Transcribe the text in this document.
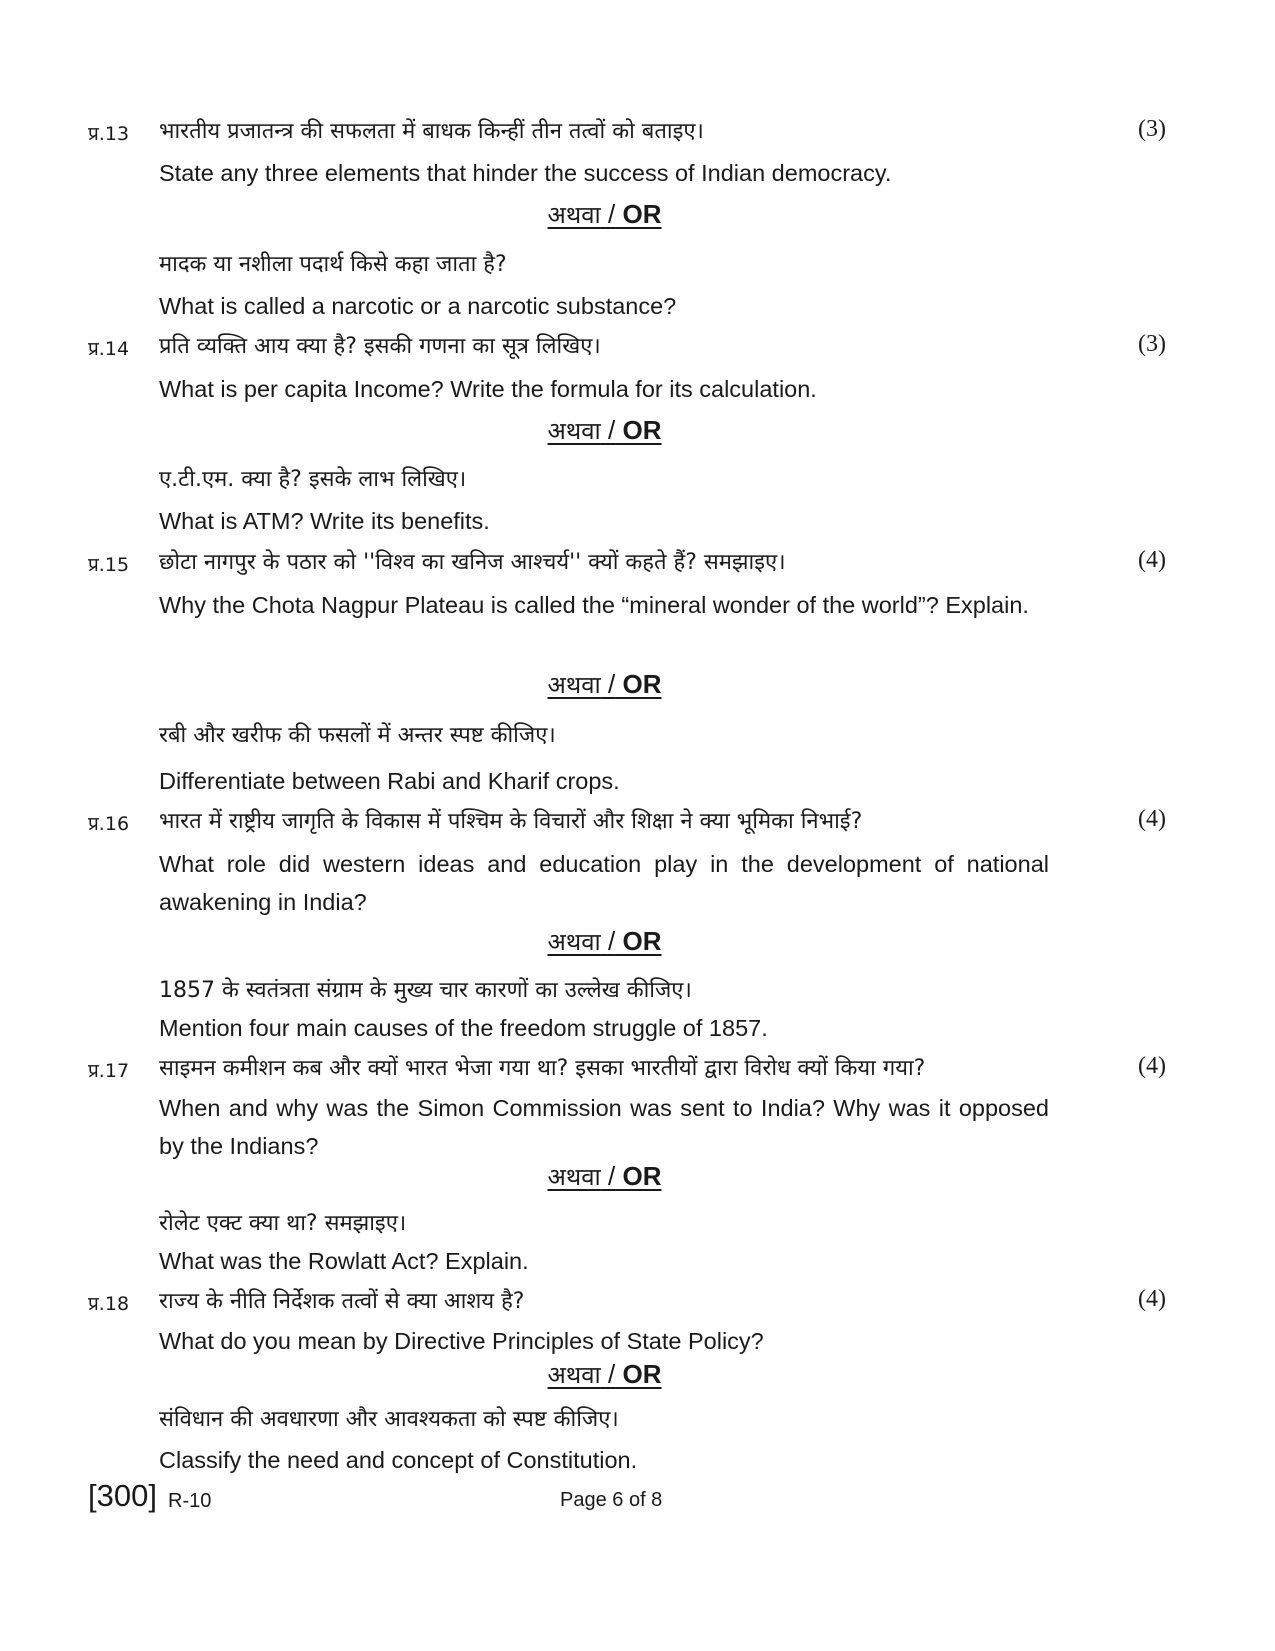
प्र.13 भारतीय प्रजातन्त्र की सफलता में बाधक किन्हीं तीन तत्वों को बताइए।	(3)
State any three elements that hinder the success of Indian democracy.
अथवा / OR
मादक या नशीला पदार्थ किसे कहा जाता है?
What is called a narcotic or a narcotic substance?
प्र.14 प्रति व्यक्ति आय क्या है? इसकी गणना का सूत्र लिखिए।	(3)
What is per capita Income? Write the formula for its calculation.
अथवा / OR
ए.टी.एम. क्या है? इसके लाभ लिखिए।
What is ATM? Write its benefits.
प्र.15 छोटा नागपुर के पठार को ''विश्व का खनिज आश्चर्य'' क्यों कहते हैं? समझाइए।	(4)
Why the Chota Nagpur Plateau is called the “mineral wonder of the world”? Explain.
अथवा / OR
रबी और खरीफ की फसलों में अन्तर स्पष्ट कीजिए।
Differentiate between Rabi and Kharif crops.
प्र.16 भारत में राष्ट्रीय जागृति के विकास में पश्चिम के विचारों और शिक्षा ने क्या भूमिका निभाई?	(4)
What role did western ideas and education play in the development of national awakening in India?
अथवा / OR
1857 के स्वतंत्रता संग्राम के मुख्य चार कारणों का उल्लेख कीजिए।
Mention four main causes of the freedom struggle of 1857.
प्र.17 साइमन कमीशन कब और क्यों भारत भेजा गया था? इसका भारतीयों द्वारा विरोध क्यों किया गया?	(4)
When and why was the Simon Commission was sent to India? Why was it opposed by the Indians?
अथवा / OR
रोलेट एक्ट क्या था? समझाइए।
What was the Rowlatt Act? Explain.
प्र.18 राज्य के नीति निर्देशक तत्वों से क्या आशय है?	(4)
What do you mean by Directive Principles of State Policy?
अथवा / OR
संविधान की अवधारणा और आवश्यकता को स्पष्ट कीजिए।
Classify the need and concept of Constitution.
[300] R-10	Page 6 of 8
